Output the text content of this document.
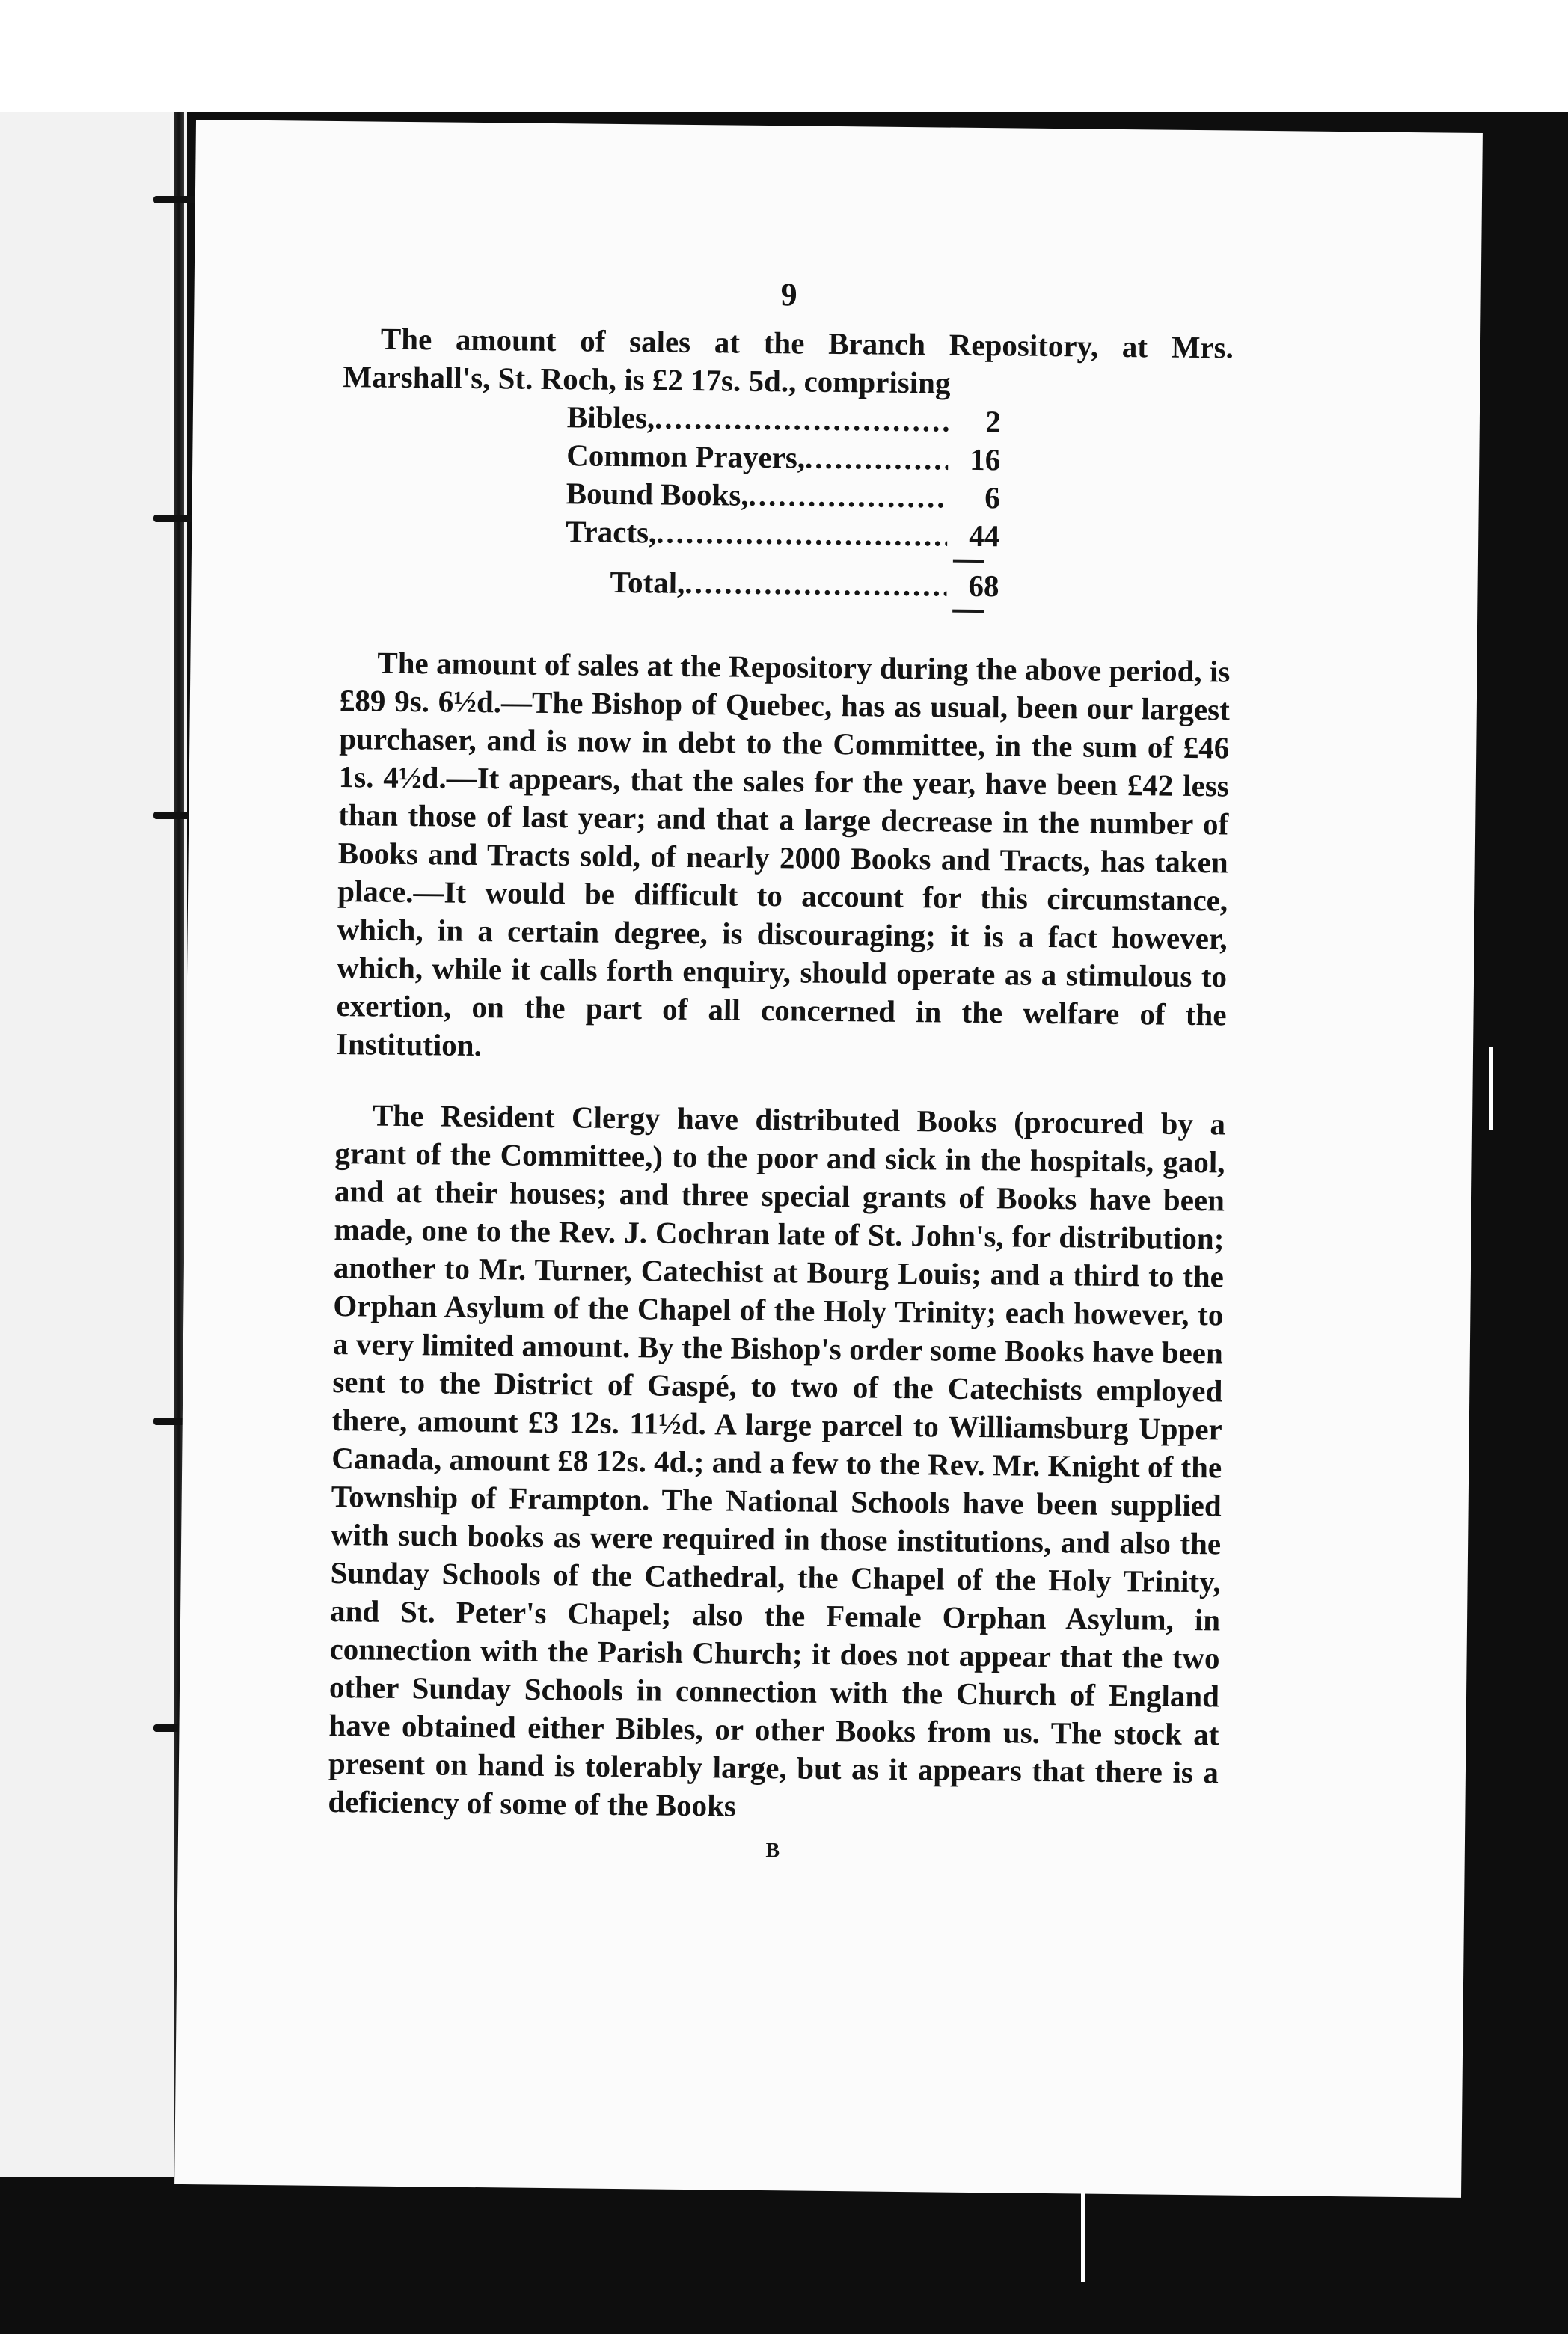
9

The amount of sales at the Branch Repository, at Mrs. Marshall's, St. Roch, is £2 17s. 5d., comprising

Bibles, .....	2
Common Prayers, .....	16
Bound Books, .....	6
Tracts, .....	44
Total, .....	68

The amount of sales at the Repository during the above period, is £89 9s. 6½d.—The Bishop of Quebec, has as usual, been our largest purchaser, and is now in debt to the Committee, in the sum of £46 1s. 4½d.—It appears, that the sales for the year, have been £42 less than those of last year; and that a large decrease in the number of Books and Tracts sold, of nearly 2000 Books and Tracts, has taken place.—It would be difficult to account for this circumstance, which, in a certain degree, is discouraging; it is a fact however, which, while it calls forth enquiry, should operate as a stimulous to exertion, on the part of all concerned in the welfare of the Institution.

The Resident Clergy have distributed Books (procured by a grant of the Committee,) to the poor and sick in the hospitals, gaol, and at their houses; and three special grants of Books have been made, one to the Rev. J. Cochran late of St. John's, for distribution; another to Mr. Turner, Catechist at Bourg Louis; and a third to the Orphan Asylum of the Chapel of the Holy Trinity; each however, to a very limited amount. By the Bishop's order some Books have been sent to the District of Gaspé, to two of the Catechists employed there, amount £3 12s. 11½d. A large parcel to Williamsburg Upper Canada, amount £8 12s. 4d.; and a few to the Rev. Mr. Knight of the Township of Frampton. The National Schools have been supplied with such books as were required in those institutions, and also the Sunday Schools of the Cathedral, the Chapel of the Holy Trinity, and St. Peter's Chapel; also the Female Orphan Asylum, in connection with the Parish Church; it does not appear that the two other Sunday Schools in connection with the Church of England have obtained either Bibles, or other Books from us. The stock at present on hand is tolerably large, but as it appears that there is a deficiency of some of the Books

B
